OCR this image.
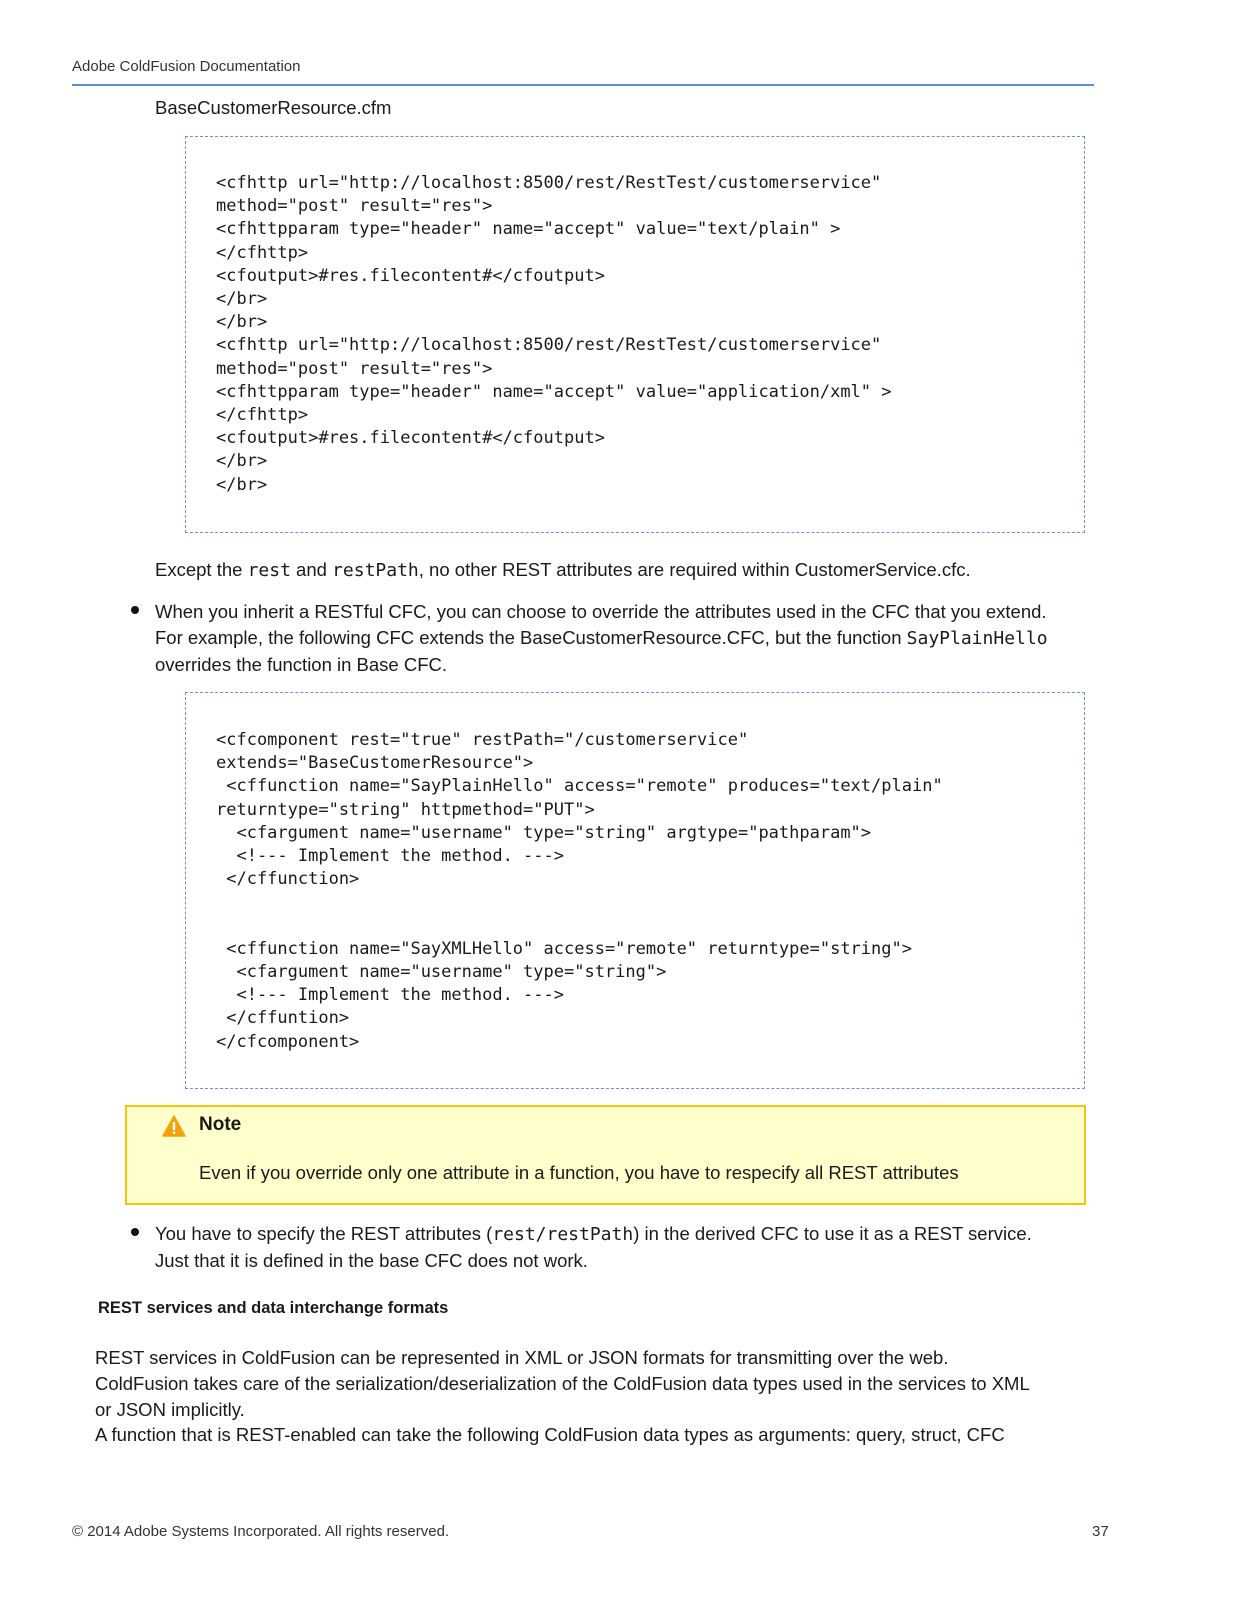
Adobe ColdFusion Documentation

BaseCustomerResource.cfm

<cfhttp url="http://localhost:8500/rest/RestTest/customerservice"
method="post" result="res">
<cfhttpparam type="header" name="accept" value="text/plain" >
</cfhttp>
<cfoutput>#res.filecontent#</cfoutput>
</br>
</br>
<cfhttp url="http://localhost:8500/rest/RestTest/customerservice"
method="post" result="res">
<cfhttpparam type="header" name="accept" value="application/xml" >
</cfhttp>
<cfoutput>#res.filecontent#</cfoutput>
</br>
</br>

Except the rest and restPath, no other REST attributes are required within CustomerService.cfc.

When you inherit a RESTful CFC, you can choose to override the attributes used in the CFC that you extend.

For example, the following CFC extends the BaseCustomerResource.CFC, but the function SayPlainHello

overrides the function in Base CFC.

<cfcomponent rest="true" restPath="/customerservice"
extends="BaseCustomerResource">
<cffunction name="SayPlainHello" access="remote" produces="text/plain"
returntype="string" httpmethod="PUT">
<cfargument name="username" type="string" argtype="pathparam">
<!--- Implement the method. --->
</cffunction>

<cffunction name="SayXMLHello" access="remote" returntype="string">
<cfargument name="username" type="string">
<!--- Implement the method. --->
</cffuntion>
</cfcomponent>
Note
Even if you override only one attribute in a function, you have to respecify all REST attributes

You have to specify the REST attributes (rest/restPath) in the derived CFC to use it as a REST service.

Just that it is defined in the base CFC does not work.

REST services and data interchange formats

REST services in ColdFusion can be represented in XML or JSON formats for transmitting over the web.

ColdFusion takes care of the serialization/deserialization of the ColdFusion data types used in the services to XML

or JSON implicitly.

A function that is REST-enabled can take the following ColdFusion data types as arguments: query, struct, CFC

© 2014 Adobe Systems Incorporated. All rights reserved.	37
